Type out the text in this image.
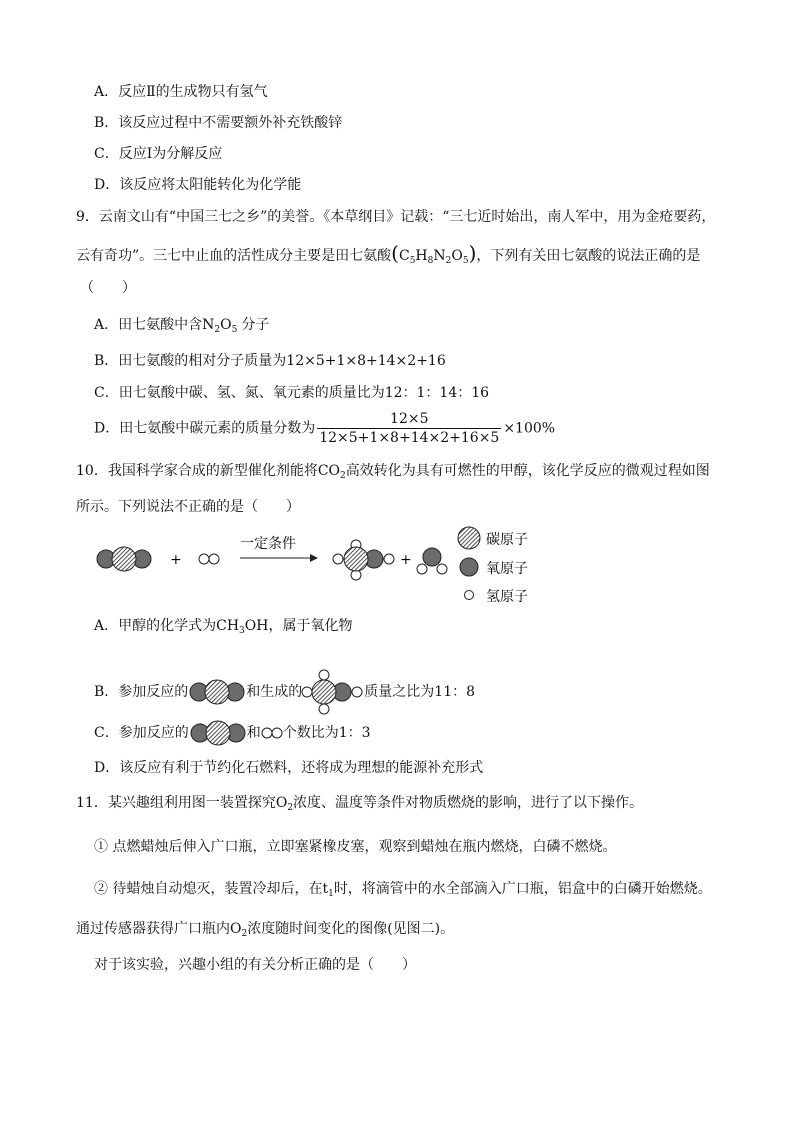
A．反应Ⅱ的生成物只有氢气
B．该反应过程中不需要额外补充铁酸锌
C．反应Ⅰ为分解反应
D．该反应将太阳能转化为化学能
9．云南文山有“中国三七之乡”的美誉。《本草纲目》记载：“三七近时始出，南人军中，用为金疮要药，
云有奇功”。三七中止血的活性成分主要是田七氨酸$(C_5H_8N_2O_5)$，下列有关田七氨酸的说法正确的是
（　　）
A．田七氨酸中含$N_2O_5$ 分子
B．田七氨酸的相对分子质量为12×5+1×8+14×2+16
C．田七氨酸中碳、氢、氮、氧元素的质量比为12：1：14：16
D．田七氨酸中碳元素的质量分数为 $\frac{12\times 5}{12\times 5+1\times 8+14\times 2+16\times 5} \times 100\%$
10．我国科学家合成的新型催化剂能将$CO_2$高效转化为具有可燃性的甲醇，该化学反应的微观过程如图
所示。下列说法不正确的是（　　）
+
一定条件
+
碳原子
氧原子
氢原子
A．甲醇的化学式为$CH_3OH$，属于氧化物
B．参加反应的	和生成的	质量之比为11：8
C．参加反应的	和 个数比为1：3
D．该反应有利于节约化石燃料，还将成为理想的能源补充形式
11．某兴趣组利用图一装置探究$O_2$浓度、温度等条件对物质燃烧的影响，进行了以下操作。
① 点燃蜡烛后伸入广口瓶，立即塞紧橡皮塞，观察到蜡烛在瓶内燃烧，白磷不燃烧。
② 待蜡烛自动熄灭，装置冷却后，在$t_1$时，将滴管中的水全部滴入广口瓶，铝盒中的白磷开始燃烧。
通过传感器获得广口瓶内$O_2$浓度随时间变化的图像(见图二)。
对于该实验，兴趣小组的有关分析正确的是（　　）
